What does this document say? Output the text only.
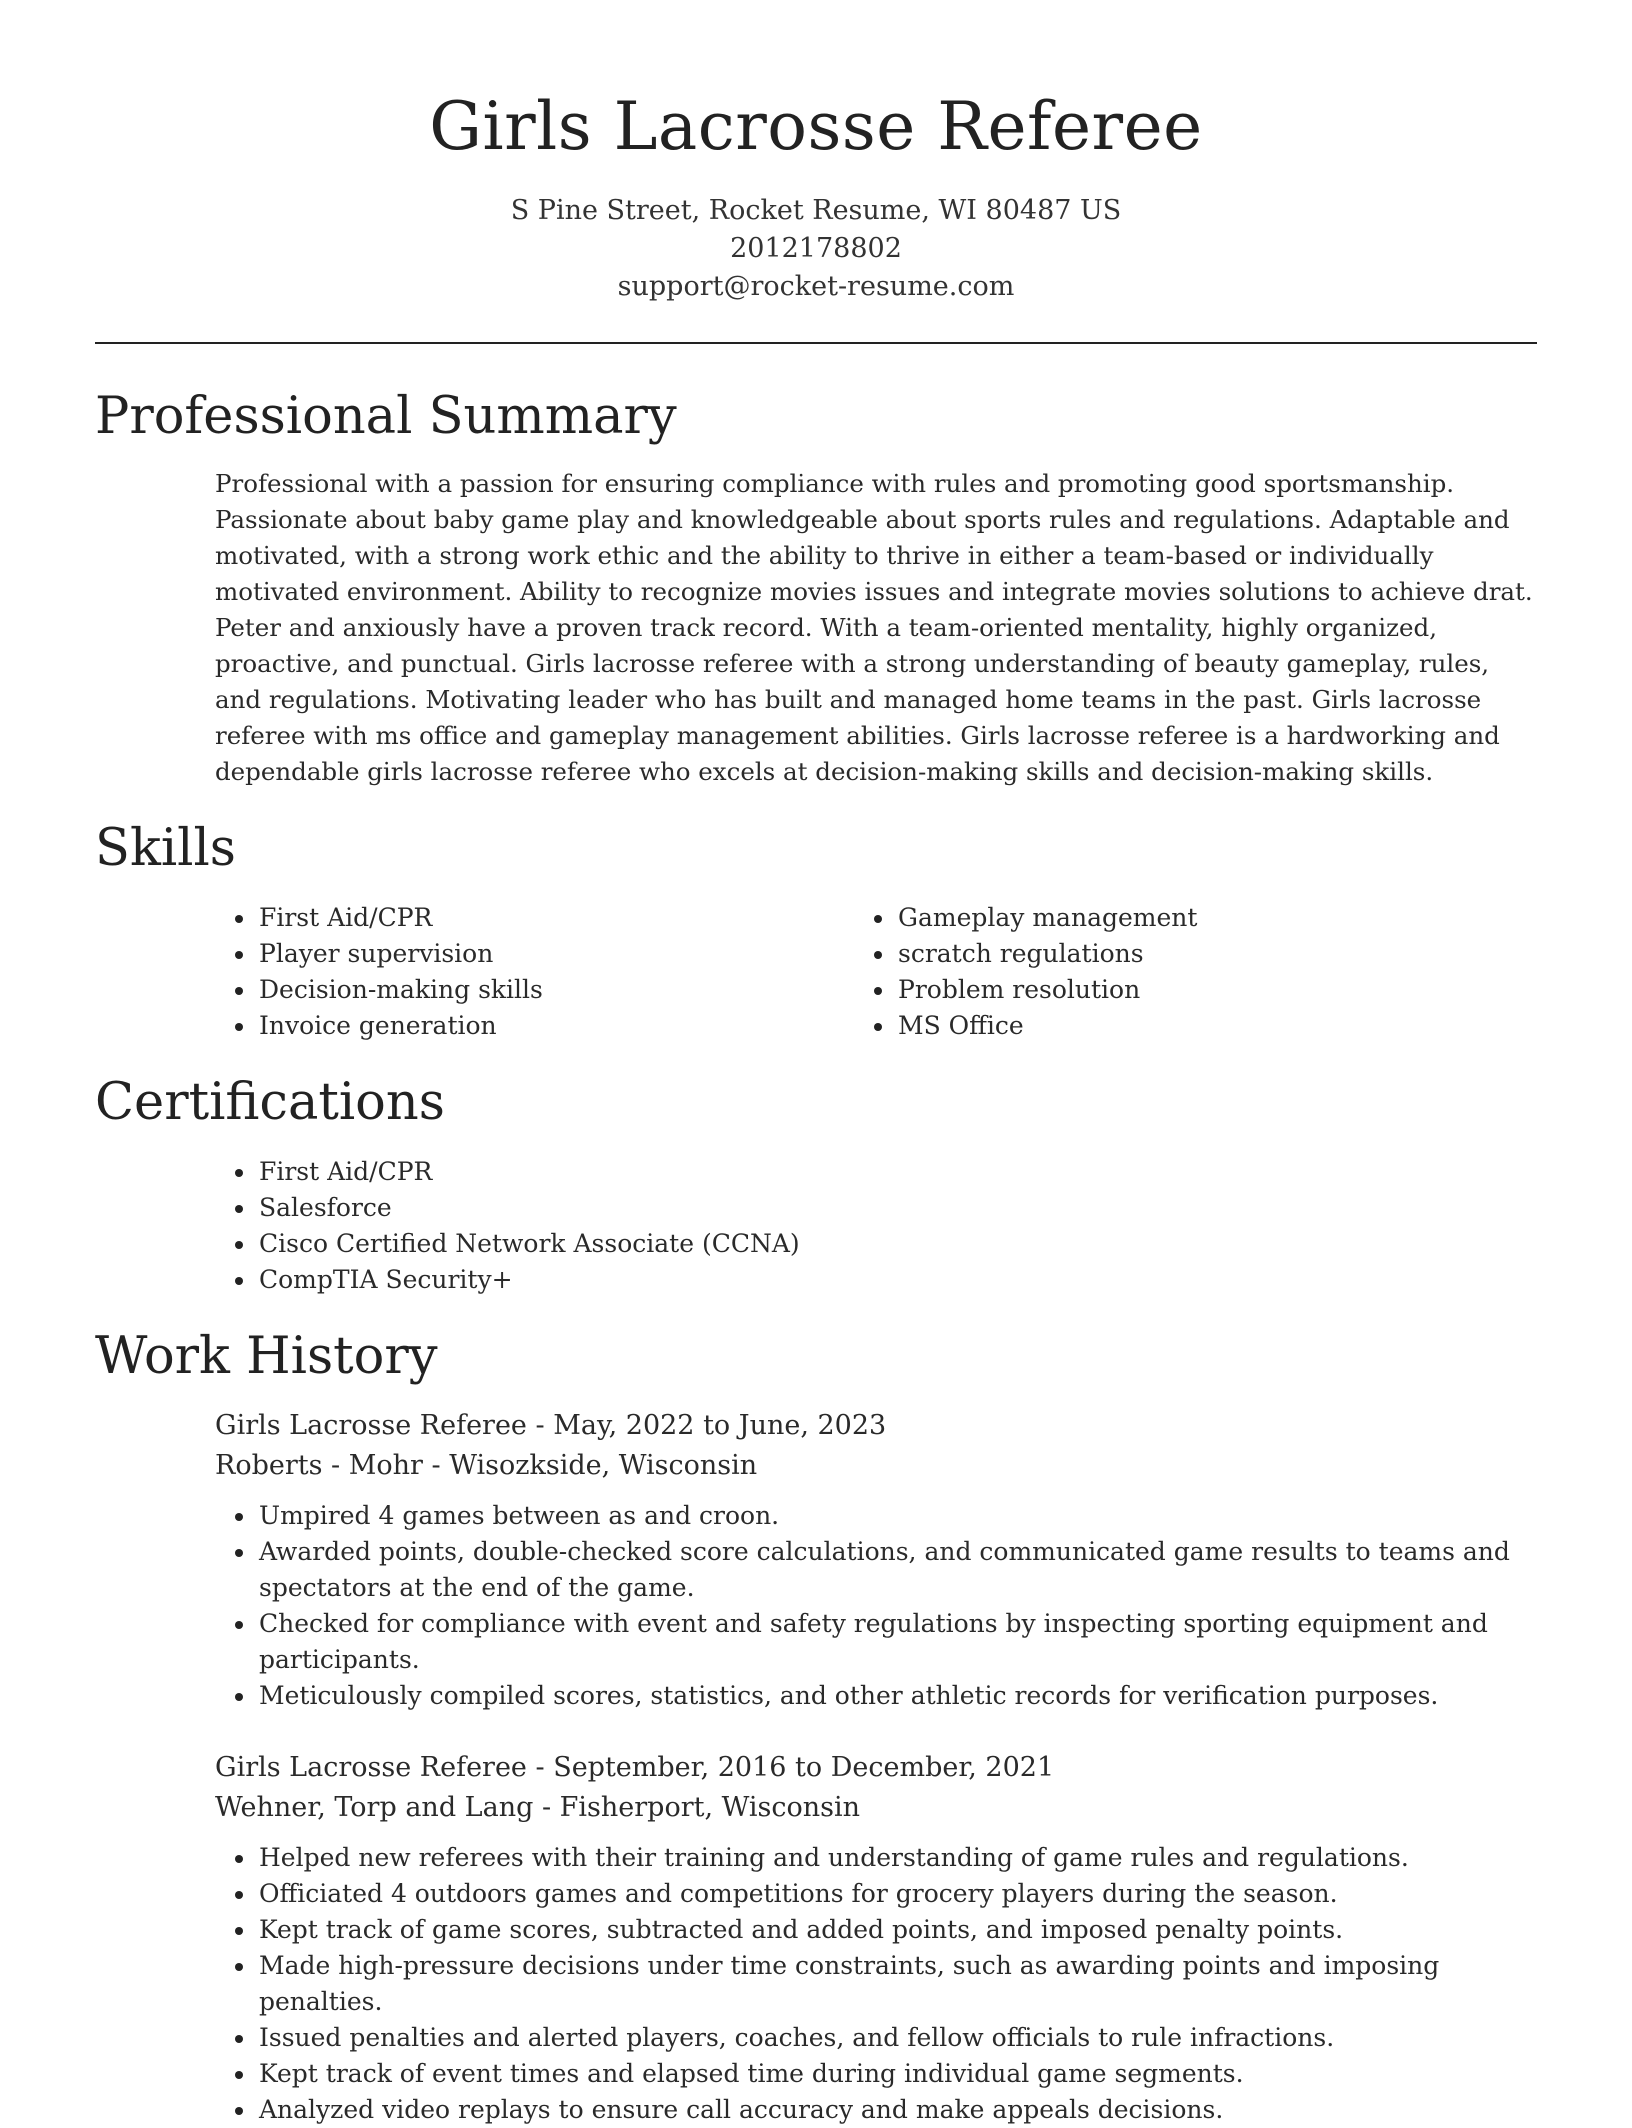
Girls Lacrosse Referee
S Pine Street, Rocket Resume, WI 80487 US
2012178802
support@rocket-resume.com
Professional Summary

Professional with a passion for ensuring compliance with rules and promoting good sportsmanship. Passionate about baby game play and knowledgeable about sports rules and regulations. Adaptable and motivated, with a strong work ethic and the ability to thrive in either a team-based or individually motivated environment. Ability to recognize movies issues and integrate movies solutions to achieve drat. Peter and anxiously have a proven track record. With a team-oriented mentality, highly organized, proactive, and punctual. Girls lacrosse referee with a strong understanding of beauty gameplay, rules, and regulations. Motivating leader who has built and managed home teams in the past. Girls lacrosse referee with ms office and gameplay management abilities. Girls lacrosse referee is a hardworking and dependable girls lacrosse referee who excels at decision-making skills and decision-making skills.

Skills
First Aid/CPR
Player supervision
Decision-making skills
Invoice generation
Gameplay management
scratch regulations
Problem resolution
MS Office
Certifications
First Aid/CPR
Salesforce
Cisco Certified Network Associate (CCNA)
CompTIA Security+
Work History
Girls Lacrosse Referee - May, 2022 to June, 2023
Roberts - Mohr - Wisozkside, Wisconsin
Umpired 4 games between as and croon.
Awarded points, double-checked score calculations, and communicated game results to teams and spectators at the end of the game.
Checked for compliance with event and safety regulations by inspecting sporting equipment and participants.
Meticulously compiled scores, statistics, and other athletic records for verification purposes.
Girls Lacrosse Referee - September, 2016 to December, 2021
Wehner, Torp and Lang - Fisherport, Wisconsin
Helped new referees with their training and understanding of game rules and regulations.
Officiated 4 outdoors games and competitions for grocery players during the season.
Kept track of game scores, subtracted and added points, and imposed penalty points.
Made high-pressure decisions under time constraints, such as awarding points and imposing penalties.
Issued penalties and alerted players, coaches, and fellow officials to rule infractions.
Kept track of event times and elapsed time during individual game segments.
Analyzed video replays to ensure call accuracy and make appeals decisions.
